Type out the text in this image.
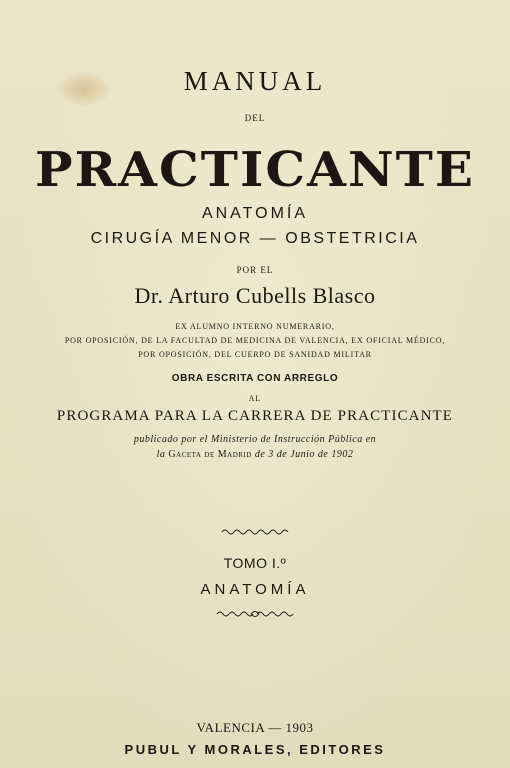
MANUAL
DEL
PRACTICANTE
ANATOMÍA
CIRUGÍA MENOR — OBSTETRICIA
POR EL
Dr. Arturo Cubells Blasco
EX ALUMNO INTERNO NUMERARIO,
POR OPOSICIÓN, DE LA FACULTAD DE MEDICINA DE VALENCIA, EX OFICIAL MÉDICO,
POR OPOSICIÓN, DEL CUERPO DE SANIDAD MILITAR
OBRA ESCRITA CON ARREGLO
AL
PROGRAMA PARA LA CARRERA DE PRACTICANTE
publicado por el Ministerio de Instrucción Pública en
la Gaceta de Madrid de 3 de Junio de 1902
TOMO I.º
ANATOMÍA
VALENCIA — 1903
PUBUL Y MORALES, EDITORES
